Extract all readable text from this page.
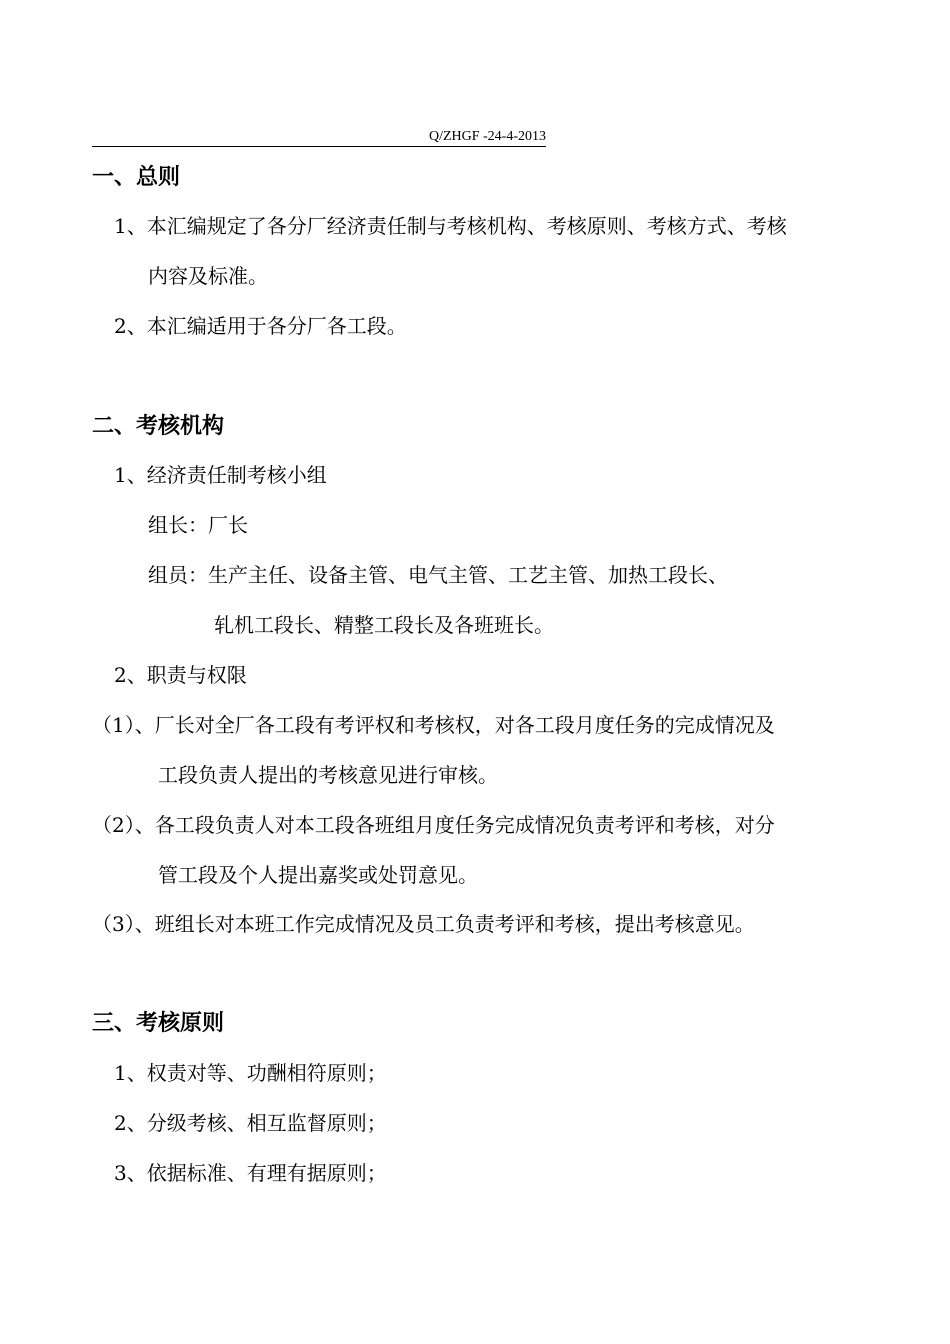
Q/ZHGF -24-4-2013
一、总则
1、本汇编规定了各分厂经济责任制与考核机构、考核原则、考核方式、考核
内容及标准。
2、本汇编适用于各分厂各工段。
二、考核机构
1、经济责任制考核小组
组长：厂长
组员：生产主任、设备主管、电气主管、工艺主管、加热工段长、
轧机工段长、精整工段长及各班班长。
2、职责与权限
（1）、厂长对全厂各工段有考评权和考核权，对各工段月度任务的完成情况及
工段负责人提出的考核意见进行审核。
（2）、各工段负责人对本工段各班组月度任务完成情况负责考评和考核，对分
管工段及个人提出嘉奖或处罚意见。
（3）、班组长对本班工作完成情况及员工负责考评和考核，提出考核意见。
三、考核原则
1、权责对等、功酬相符原则；
2、分级考核、相互监督原则；
3、依据标准、有理有据原则；
